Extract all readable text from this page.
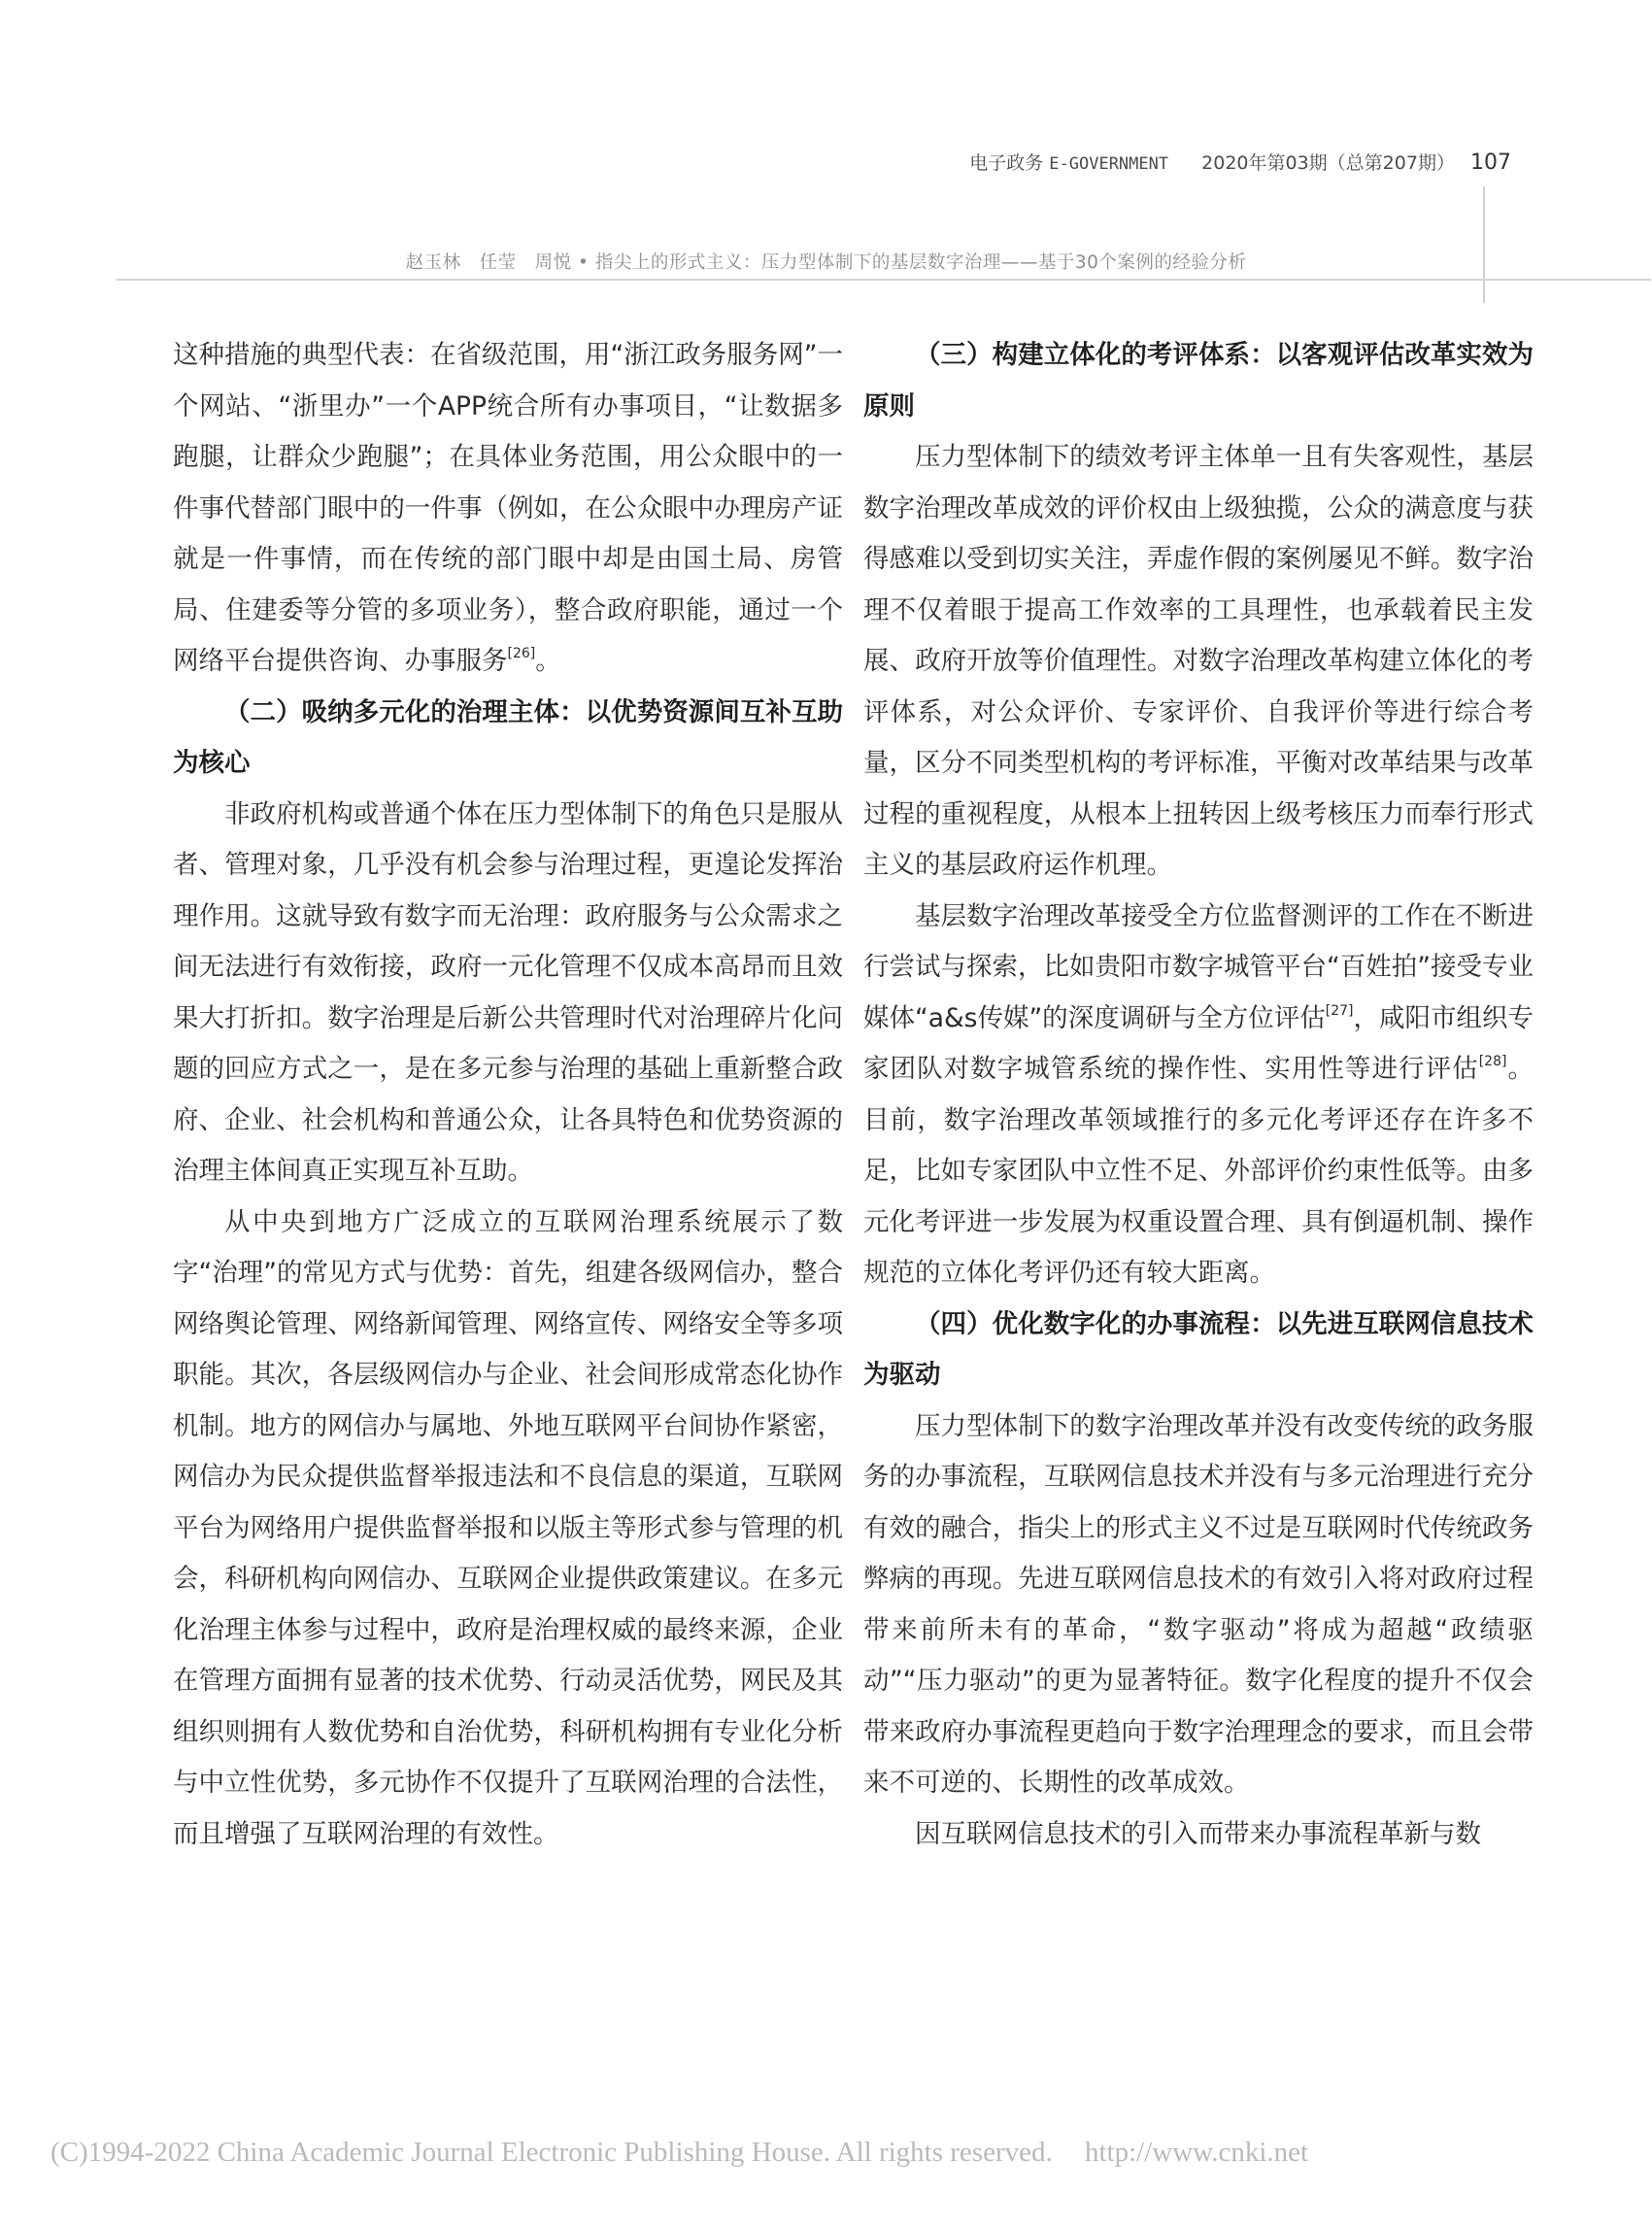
电子政务 E-GOVERNMENT 2020年第03期（总第207期） 107
赵玉林　任莹　周悦 • 指尖上的形式主义：压力型体制下的基层数字治理——基于30个案例的经验分析

这种措施的典型代表：在省级范围，用“浙江政务服务网”一个网站、“浙里办”一个APP统合所有办事项目，“让数据多跑腿，让群众少跑腿”；在具体业务范围，用公众眼中的一件事代替部门眼中的一件事（例如，在公众眼中办理房产证就是一件事情，而在传统的部门眼中却是由国土局、房管局、住建委等分管的多项业务），整合政府职能，通过一个网络平台提供咨询、办事服务[26]。

（二）吸纳多元化的治理主体：以优势资源间互补互助为核心

非政府机构或普通个体在压力型体制下的角色只是服从者、管理对象，几乎没有机会参与治理过程，更遑论发挥治理作用。这就导致有数字而无治理：政府服务与公众需求之间无法进行有效衔接，政府一元化管理不仅成本高昂而且效果大打折扣。数字治理是后新公共管理时代对治理碎片化问题的回应方式之一，是在多元参与治理的基础上重新整合政府、企业、社会机构和普通公众，让各具特色和优势资源的治理主体间真正实现互补互助。

从中央到地方广泛成立的互联网治理系统展示了数字“治理”的常见方式与优势：首先，组建各级网信办，整合网络舆论管理、网络新闻管理、网络宣传、网络安全等多项职能。其次，各层级网信办与企业、社会间形成常态化协作机制。地方的网信办与属地、外地互联网平台间协作紧密，网信办为民众提供监督举报违法和不良信息的渠道，互联网平台为网络用户提供监督举报和以版主等形式参与管理的机会，科研机构向网信办、互联网企业提供政策建议。在多元化治理主体参与过程中，政府是治理权威的最终来源，企业在管理方面拥有显著的技术优势、行动灵活优势，网民及其组织则拥有人数优势和自治优势，科研机构拥有专业化分析与中立性优势，多元协作不仅提升了互联网治理的合法性，而且增强了互联网治理的有效性。

（三）构建立体化的考评体系：以客观评估改革实效为原则

压力型体制下的绩效考评主体单一且有失客观性，基层数字治理改革成效的评价权由上级独揽，公众的满意度与获得感难以受到切实关注，弄虚作假的案例屡见不鲜。数字治理不仅着眼于提高工作效率的工具理性，也承载着民主发展、政府开放等价值理性。对数字治理改革构建立体化的考评体系，对公众评价、专家评价、自我评价等进行综合考量，区分不同类型机构的考评标准，平衡对改革结果与改革过程的重视程度，从根本上扭转因上级考核压力而奉行形式主义的基层政府运作机理。

基层数字治理改革接受全方位监督测评的工作在不断进行尝试与探索，比如贵阳市数字城管平台“百姓拍”接受专业媒体“a&s传媒”的深度调研与全方位评估[27]，咸阳市组织专家团队对数字城管系统的操作性、实用性等进行评估[28]。目前，数字治理改革领域推行的多元化考评还存在许多不足，比如专家团队中立性不足、外部评价约束性低等。由多元化考评进一步发展为权重设置合理、具有倒逼机制、操作规范的立体化考评仍还有较大距离。

（四）优化数字化的办事流程：以先进互联网信息技术为驱动

压力型体制下的数字治理改革并没有改变传统的政务服务的办事流程，互联网信息技术并没有与多元治理进行充分有效的融合，指尖上的形式主义不过是互联网时代传统政务弊病的再现。先进互联网信息技术的有效引入将对政府过程带来前所未有的革命，“数字驱动”将成为超越“政绩驱动”“压力驱动”的更为显著特征。数字化程度的提升不仅会带来政府办事流程更趋向于数字治理理念的要求，而且会带来不可逆的、长期性的改革成效。

因互联网信息技术的引入而带来办事流程革新与数

(C)1994-2022 China Academic Journal Electronic Publishing House. All rights reserved. http://www.cnki.net
